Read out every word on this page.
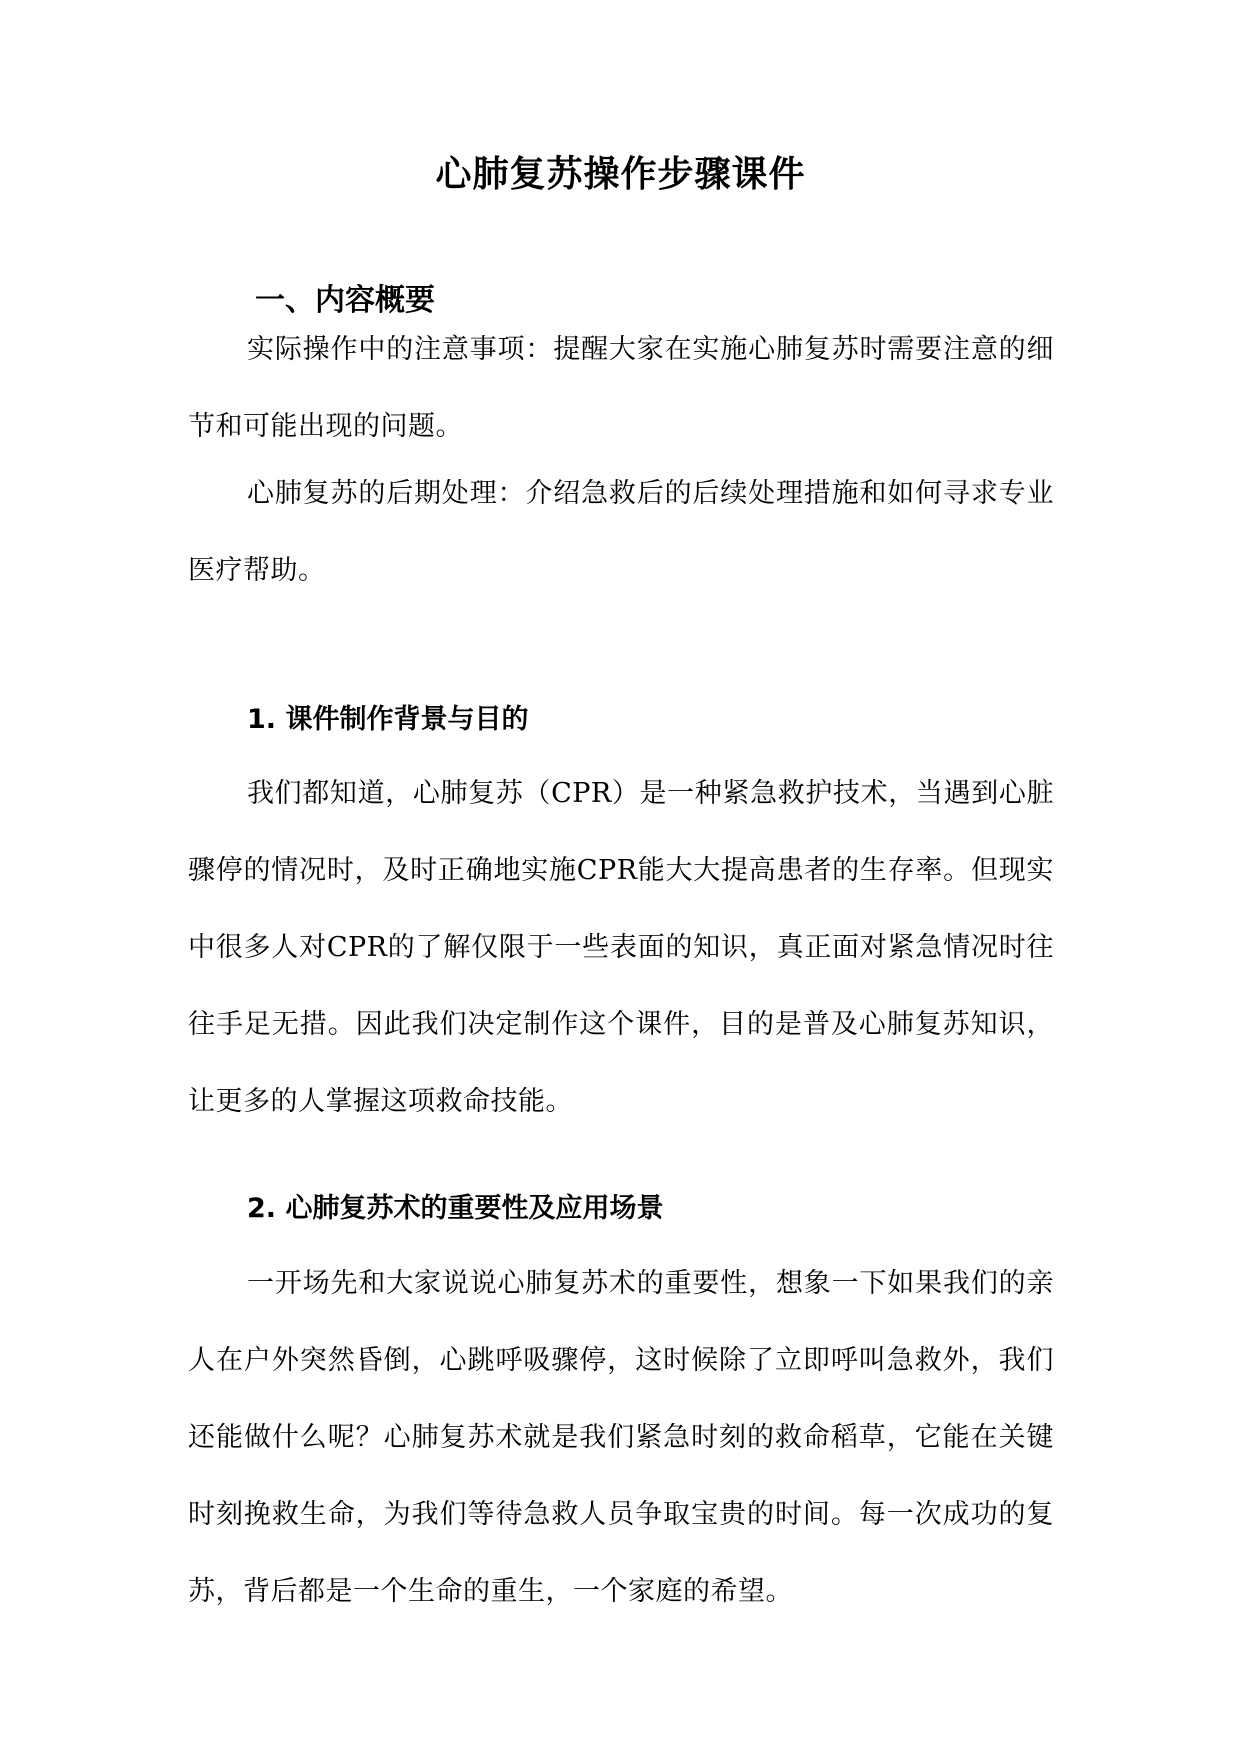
心肺复苏操作步骤课件
一、内容概要

实际操作中的注意事项：提醒大家在实施心肺复苏时需要注意的细节和可能出现的问题。

心肺复苏的后期处理：介绍急救后的后续处理措施和如何寻求专业医疗帮助。

1. 课件制作背景与目的

我们都知道，心肺复苏（CPR）是一种紧急救护技术，当遇到心脏骤停的情况时，及时正确地实施CPR能大大提高患者的生存率。但现实中很多人对CPR的了解仅限于一些表面的知识，真正面对紧急情况时往往手足无措。因此我们决定制作这个课件，目的是普及心肺复苏知识，让更多的人掌握这项救命技能。

2. 心肺复苏术的重要性及应用场景

一开场先和大家说说心肺复苏术的重要性，想象一下如果我们的亲人在户外突然昏倒，心跳呼吸骤停，这时候除了立即呼叫急救外，我们还能做什么呢？心肺复苏术就是我们紧急时刻的救命稻草，它能在关键时刻挽救生命，为我们等待急救人员争取宝贵的时间。每一次成功的复苏，背后都是一个生命的重生，一个家庭的希望。
